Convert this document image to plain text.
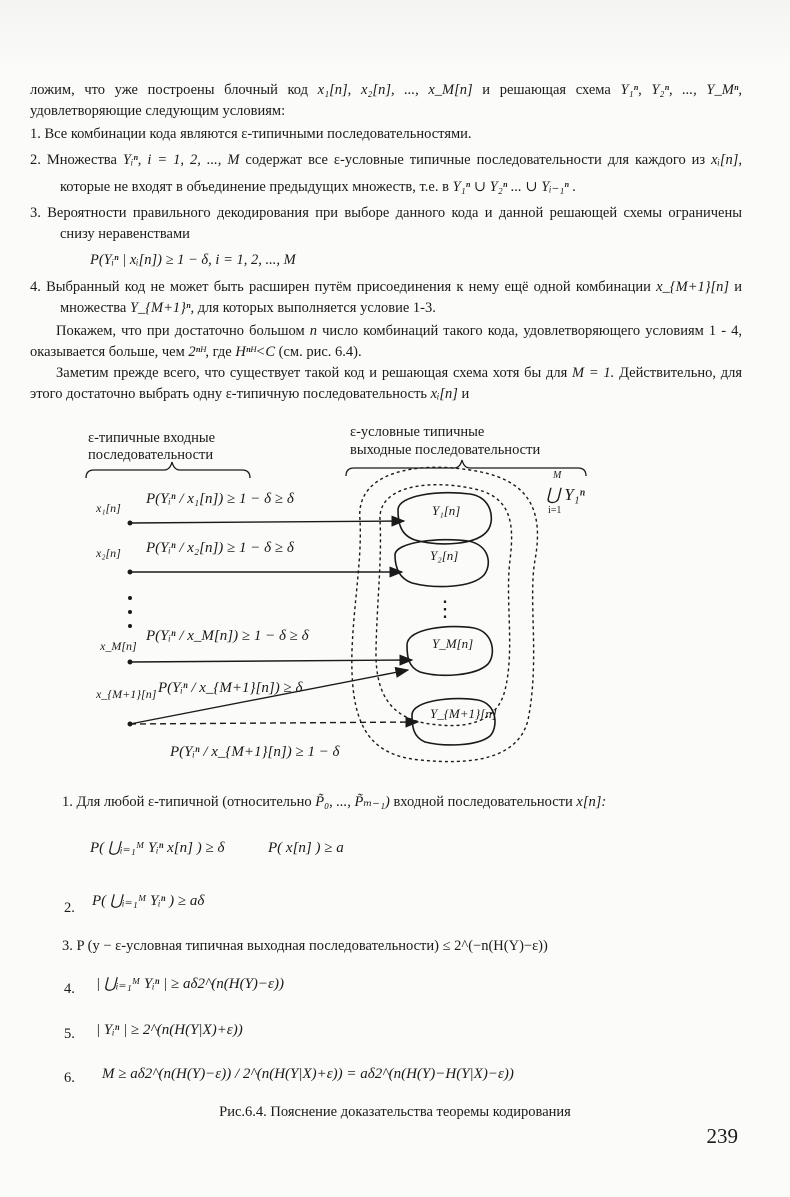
ложим, что уже построены блочный код x₁[n], x₂[n], ..., x_M[n] и решающая схема Y₁ⁿ, Y₂ⁿ, ..., Y_Mⁿ, удовлетворяющие следующим условиям:

1. Все комбинации кода являются ε-типичными последовательностями.

2. Множества Yᵢⁿ, i = 1, 2, ..., M содержат все ε-условные типичные последовательности для каждого из xᵢ[n], которые не входят в объединение предыдущих множеств, т.е. в Y₁ⁿ ∪ Y₂ⁿ ... ∪ Yᵢ₋₁ⁿ .

3. Вероятности правильного декодирования при выборе данного кода и данной решающей схемы ограничены снизу неравенствами

P(Yᵢⁿ | xᵢ[n]) ≥ 1 − δ, i = 1, 2, ..., M

4. Выбранный код не может быть расширен путём присоединения к нему ещё одной комбинации x_{M+1}[n] и множества Y_{M+1}ⁿ, для которых выполняется условие 1-3.

Покажем, что при достаточно большом n число комбинаций такого кода, удовлетворяющего условиям 1 - 4, оказывается больше, чем 2ⁿᴴ, где Hⁿᴴ<C (см. рис. 6.4).

Заметим прежде всего, что существует такой код и решающая схема хотя бы для M = 1. Действительно, для этого достаточно выбрать одну ε-типичную последовательность xᵢ[n] и

ε-типичные входные
последовательности
ε-условные типичные
выходные последовательности
M
⋃ Y₁ⁿ
i=1
Y₁[n]
Y₂[n]
⋮
Y_M[n]
Y_{M+1}[n]
x₁[n]
P(Yᵢⁿ / x₁[n]) ≥ 1 − δ ≥ δ
x₂[n] P(Yᵢⁿ / x₂[n]) ≥ 1 − δ ≥ δ
x_M[n]
P(Yᵢⁿ / x_M[n]) ≥ 1 − δ ≥ δ
x_{M+1}[n] P(Yᵢⁿ / x_{M+1}[n]) ≥ δ
P(Yᵢⁿ / x_{M+1}[n]) ≥ 1 − δ
1. Для любой ε-типичной (относительно P̃₀, ..., P̃ₘ₋₁) входной последовательности x[n]:
P( ⋃ᵢ₌₁ᴹ Yᵢⁿ x[n] ) ≥ δ	P( x[n] ) ≥ a
2. P( ⋃ᵢ₌₁ᴹ Yᵢⁿ ) ≥ aδ
3. P (y − ε-условная типичная выходная последовательности) ≤ 2^(−n(H(Y)−ε))
4. | ⋃ᵢ₌₁ᴹ Yᵢⁿ | ≥ aδ2^(n(H(Y)−ε))
5. | Yᵢⁿ | ≥ 2^(n(H(Y|X)+ε))
6. M ≥ aδ2^(n(H(Y)−ε)) / 2^(n(H(Y|X)+ε)) = aδ2^(n(H(Y)−H(Y|X)−ε))
Рис.6.4. Пояснение доказательства теоремы кодирования
239
